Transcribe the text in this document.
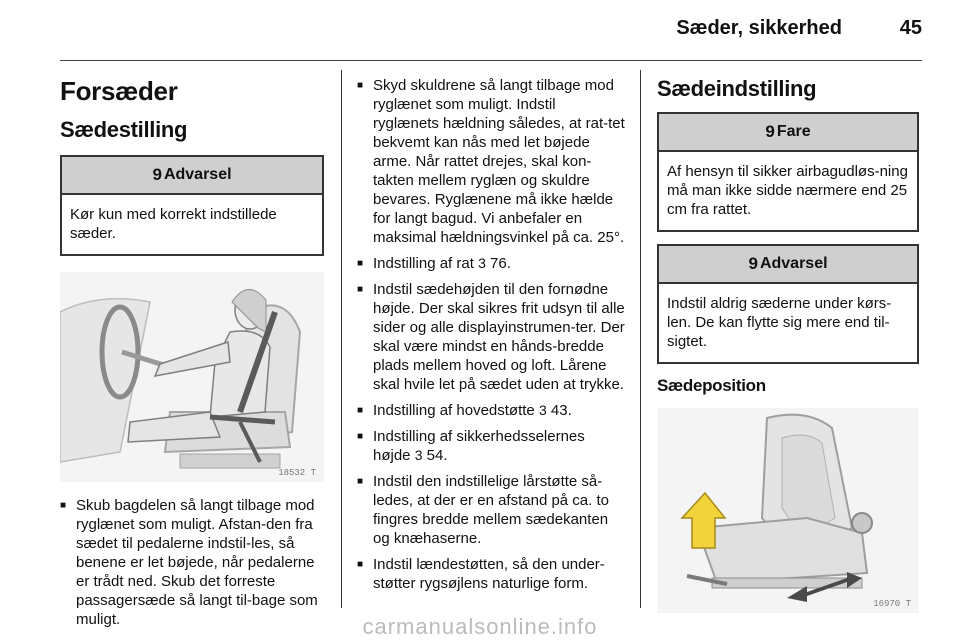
Sæder, sikkerhed	45
Forsæder
Sædestilling
9 Advarsel
Kør kun med korrekt indstillede sæder.
18532 T
■ Skub bagdelen så langt tilbage mod ryglænet som muligt. Afstan-den fra sædet til pedalerne indstil-les, så benene er let bøjede, når pedalerne er trådt ned. Skub det forreste passagersæde så langt til-bage som muligt.
■ Skyd skuldrene så langt tilbage mod ryglænet som muligt. Indstil ryglænets hældning således, at rat-tet bekvemt kan nås med let bøjede arme. Når rattet drejes, skal kon-takten mellem ryglæn og skuldre bevares. Ryglænene må ikke hælde for langt bagud. Vi anbefaler en maksimal hældningsvinkel på ca. 25°.
■ Indstilling af rat 3 76.
■ Indstil sædehøjden til den fornødne højde. Der skal sikres frit udsyn til alle sider og alle displayinstrumen-ter. Der skal være mindst en hånds-bredde plads mellem hoved og loft. Lårene skal hvile let på sædet uden at trykke.
■ Indstilling af hovedstøtte 3 43.
■ Indstilling af sikkerhedsselernes højde 3 54.
■ Indstil den indstillelige lårstøtte så-ledes, at der er en afstand på ca. to fingres bredde mellem sædekanten og knæhaserne.
■ Indstil lændestøtten, så den under-støtter rygsøjlens naturlige form.
Sædeindstilling
9 Fare
Af hensyn til sikker airbagudløs-ning må man ikke sidde nærmere end 25 cm fra rattet.
9 Advarsel
Indstil aldrig sæderne under kørs-len. De kan flytte sig mere end til-sigtet.
Sædeposition
16970 T
carmanualsonline.info
